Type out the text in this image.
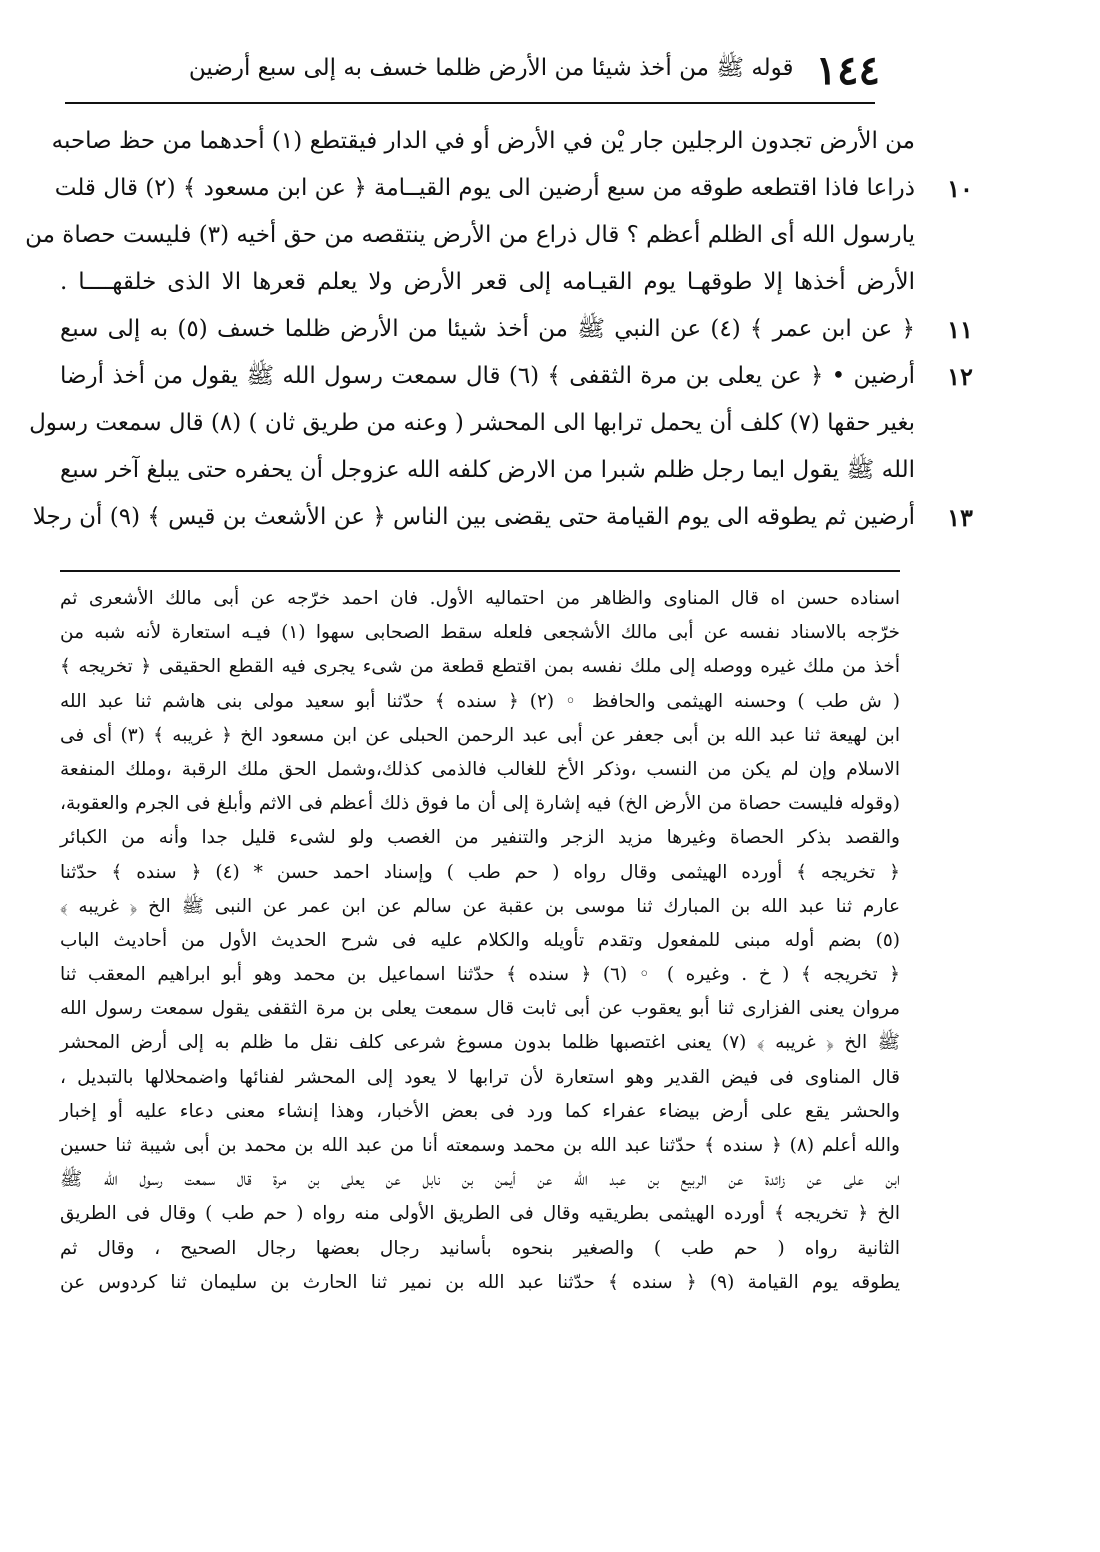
١٤٤
قوله ﷺ من أخذ شيئا من الأرض ظلما خسف به إلى سبع أرضين
من الأرض تجدون الرجلين جار يْن في الأرض أو في الدار فيقتطع (١) أحدهما من حظ صاحبه
ذراعا فاذا اقتطعه طوقه من سبع أرضين الى يوم القيــامة ﴿ عن ابن مسعود ﴾ (٢) قال قلت
يارسول الله أى الظلم أعظم ؟ قال ذراع من الأرض ينتقصه من حق أخيه (٣) فليست حصاة من
الأرض أخذها إلا طوقهـا يوم القيـامه إلى قعر الأرض ولا يعلم قعرها الا الذى خلقهــــا .
﴿ عن ابن عمر ﴾ (٤) عن النبي ﷺ من أخذ شيئا من الأرض ظلما خسف (٥) به إلى سبع
أرضين • ﴿ عن يعلى بن مرة الثقفى ﴾ (٦) قال سمعت رسول الله ﷺ يقول من أخذ أرضا
بغير حقها (٧) كلف أن يحمل ترابها الى المحشر ( وعنه من طريق ثان ) (٨) قال سمعت رسول
الله ﷺ يقول ايما رجل ظلم شبرا من الارض كلفه الله عزوجل أن يحفره حتى يبلغ آخر سبع
أرضين ثم يطوقه الى يوم القيامة حتى يقضى بين الناس ﴿ عن الأشعث بن قيس ﴾ (٩) أن رجلا
١٠
١١
١٢
١٣
اسناده حسن اه قال المناوى والظاهر من احتماليه الأول. فان احمد خرّجه عن أبى مالك الأشعرى ثم
خرّجه بالاسناد نفسه عن أبى مالك الأشجعى فلعله سقط الصحابى سهوا (١) فيـه استعارة لأنه شبه من
أخذ من ملك غيره ووصله إلى ملك نفسه بمن اقتطع قطعة من شىء يجرى فيه القطع الحقيقى ﴿ تخريجه ﴾
( ش طب ) وحسنه الهيثمى والحافظ ◦ (٢) ﴿ سنده ﴾ حدّثنا أبو سعيد مولى بنى هاشم ثنا عبد الله
ابن لهيعة ثنا عبد الله بن أبى جعفر عن أبى عبد الرحمن الحبلى عن ابن مسعود الخ ﴿ غريبه ﴾ (٣) أى فى
الاسلام وإن لم يكن من النسب ،وذكر الأخ للغالب فالذمى كذلك،وشمل الحق ملك الرقبة ،وملك المنفعة
(وقوله فليست حصاة من الأرض الخ) فيه إشارة إلى أن ما فوق ذلك أعظم فى الاثم وأبلغ فى الجرم والعقوبة،
والقصد بذكر الحصاة وغيرها مزيد الزجر والتنفير من الغصب ولو لشىء قليل جدا وأنه من الكبائر
﴿ تخريجه ﴾ أورده الهيثمى وقال رواه ( حم طب ) وإسناد احمد حسن * (٤) ﴿ سنده ﴾ حدّثنا
عارم ثنا عبد الله بن المبارك ثنا موسى بن عقبة عن سالم عن ابن عمر عن النبى ﷺ الخ ﴿ غريبه ﴾
(٥) بضم أوله مبنى للمفعول وتقدم تأويله والكلام عليه فى شرح الحديث الأول من أحاديث الباب
﴿ تخريجه ﴾ ( خ . وغيره ) ◦ (٦) ﴿ سنده ﴾ حدّثنا اسماعيل بن محمد وهو أبو ابراهيم المعقب ثنا
مروان يعنى الفزارى ثنا أبو يعقوب عن أبى ثابت قال سمعت يعلى بن مرة الثقفى يقول سمعت رسول الله
ﷺ الخ ﴿ غريبه ﴾ (٧) يعنى اغتصبها ظلما بدون مسوغ شرعى كلف نقل ما ظلم به إلى أرض المحشر
قال المناوى فى فيض القدير وهو استعارة لأن ترابها لا يعود إلى المحشر لفنائها واضمحلالها بالتبديل ،
والحشر يقع على أرض بيضاء عفراء كما ورد فى بعض الأخبار، وهذا إنشاء معنى دعاء عليه أو إخبار
والله أعلم (٨) ﴿ سنده ﴾ حدّثنا عبد الله بن محمد وسمعته أنا من عبد الله بن محمد بن أبى شيبة ثنا حسين
ابن على عن زائدة عن الربيع بن عبد الله عن أيمن بن نابل عن يعلى بن مرة قال سمعت رسول الله ﷺ
الخ ﴿ تخريجه ﴾ أورده الهيثمى بطريقيه وقال فى الطريق الأولى منه رواه ( حم طب ) وقال فى الطريق
الثانية رواه ( حم طب ) والصغير بنحوه بأسانيد رجال بعضها رجال الصحيح ، وقال ثم
يطوقه يوم القيامة (٩) ﴿ سنده ﴾ حدّثنا عبد الله بن نمير ثنا الحارث بن سليمان ثنا كردوس عن
